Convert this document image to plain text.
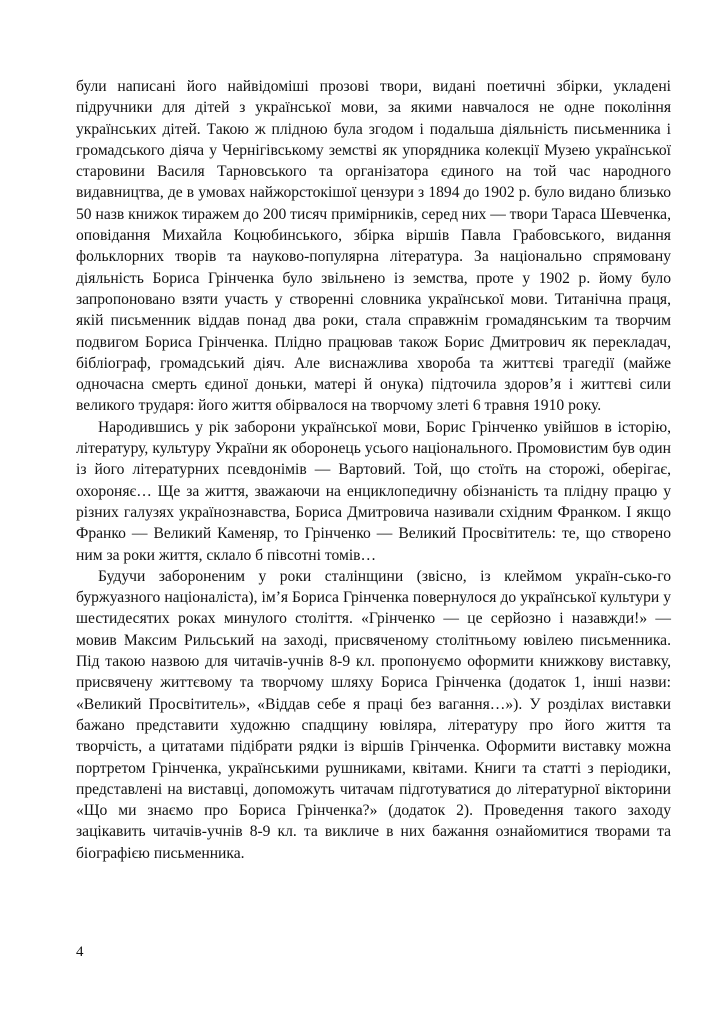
були написані його найвідоміші прозові твори, видані поетичні збірки, укладені підручники для дітей з української мови, за якими навчалося не одне покоління українських дітей. Такою ж плідною була згодом і подальша діяльність письменника і громадського діяча у Чернігівському земстві як упорядника колекції Музею української старовини Василя Тарновського та організатора єдиного на той час народного видавництва, де в умовах найжорстокішої цензури з 1894 до 1902 р. було видано близько 50 назв книжок тиражем до 200 тисяч примірників, серед них — твори Тараса Шевченка, оповідання Михайла Коцюбинського, збірка віршів Павла Грабовського, видання фольклорних творів та науково-популярна література. За національно спрямовану діяльність Бориса Грінченка було звільнено із земства, проте у 1902 р. йому було запропоновано взяти участь у створенні словника української мови. Титанічна праця, якій письменник віддав понад два роки, стала справжнім громадянським та творчим подвигом Бориса Грінченка. Плідно працював також Борис Дмитрович як перекладач, бібліограф, громадський діяч. Але виснажлива хвороба та життєві трагедії (майже одночасна смерть єдиної доньки, матері й онука) підточила здоров’я і життєві сили великого трударя: його життя обірвалося на творчому злеті 6 травня 1910 року.

Народившись у рік заборони української мови, Борис Грінченко увійшов в історію, літературу, культуру України як оборонець усього національного. Промовистим був один із його літературних псевдонімів — Вартовий. Той, що стоїть на сторожі, оберігає, охороняє… Ще за життя, зважаючи на енциклопедичну обізнаність та плідну працю у різних галузях українознавства, Бориса Дмитровича називали східним Франком. І якщо Франко — Великий Каменяр, то Грінченко — Великий Просвітитель: те, що створено ним за роки життя, склало б півсотні томів…

Будучи забороненим у роки сталінщини (звісно, із клеймом україн-сько-го буржуазного націоналіста), ім’я Бориса Грінченка повернулося до української культури у шестидесятих роках минулого століття. «Грінченко — це серйозно і назавжди!» — мовив Максим Рильський на заході, присвяченому столітньому ювілею письменника. Під такою назвою для читачів-учнів 8-9 кл. пропонуємо оформити книжкову виставку, присвячену життєвому та творчому шляху Бориса Грінченка (додаток 1, інші назви: «Великий Просвітитель», «Віддав себе я праці без вагання…»). У розділах виставки бажано представити художню спадщину ювіляра, літературу про його життя та творчість, а цитатами підібрати рядки із віршів Грінченка. Оформити виставку можна портретом Грінченка, українськими рушниками, квітами. Книги та статті з періодики, представлені на виставці, допоможуть читачам підготуватися до літературної вікторини «Що ми знаємо про Бориса Грінченка?» (додаток 2). Проведення такого заходу зацікавить читачів-учнів 8-9 кл. та викличе в них бажання ознайомитися творами та біографією письменника.

4
